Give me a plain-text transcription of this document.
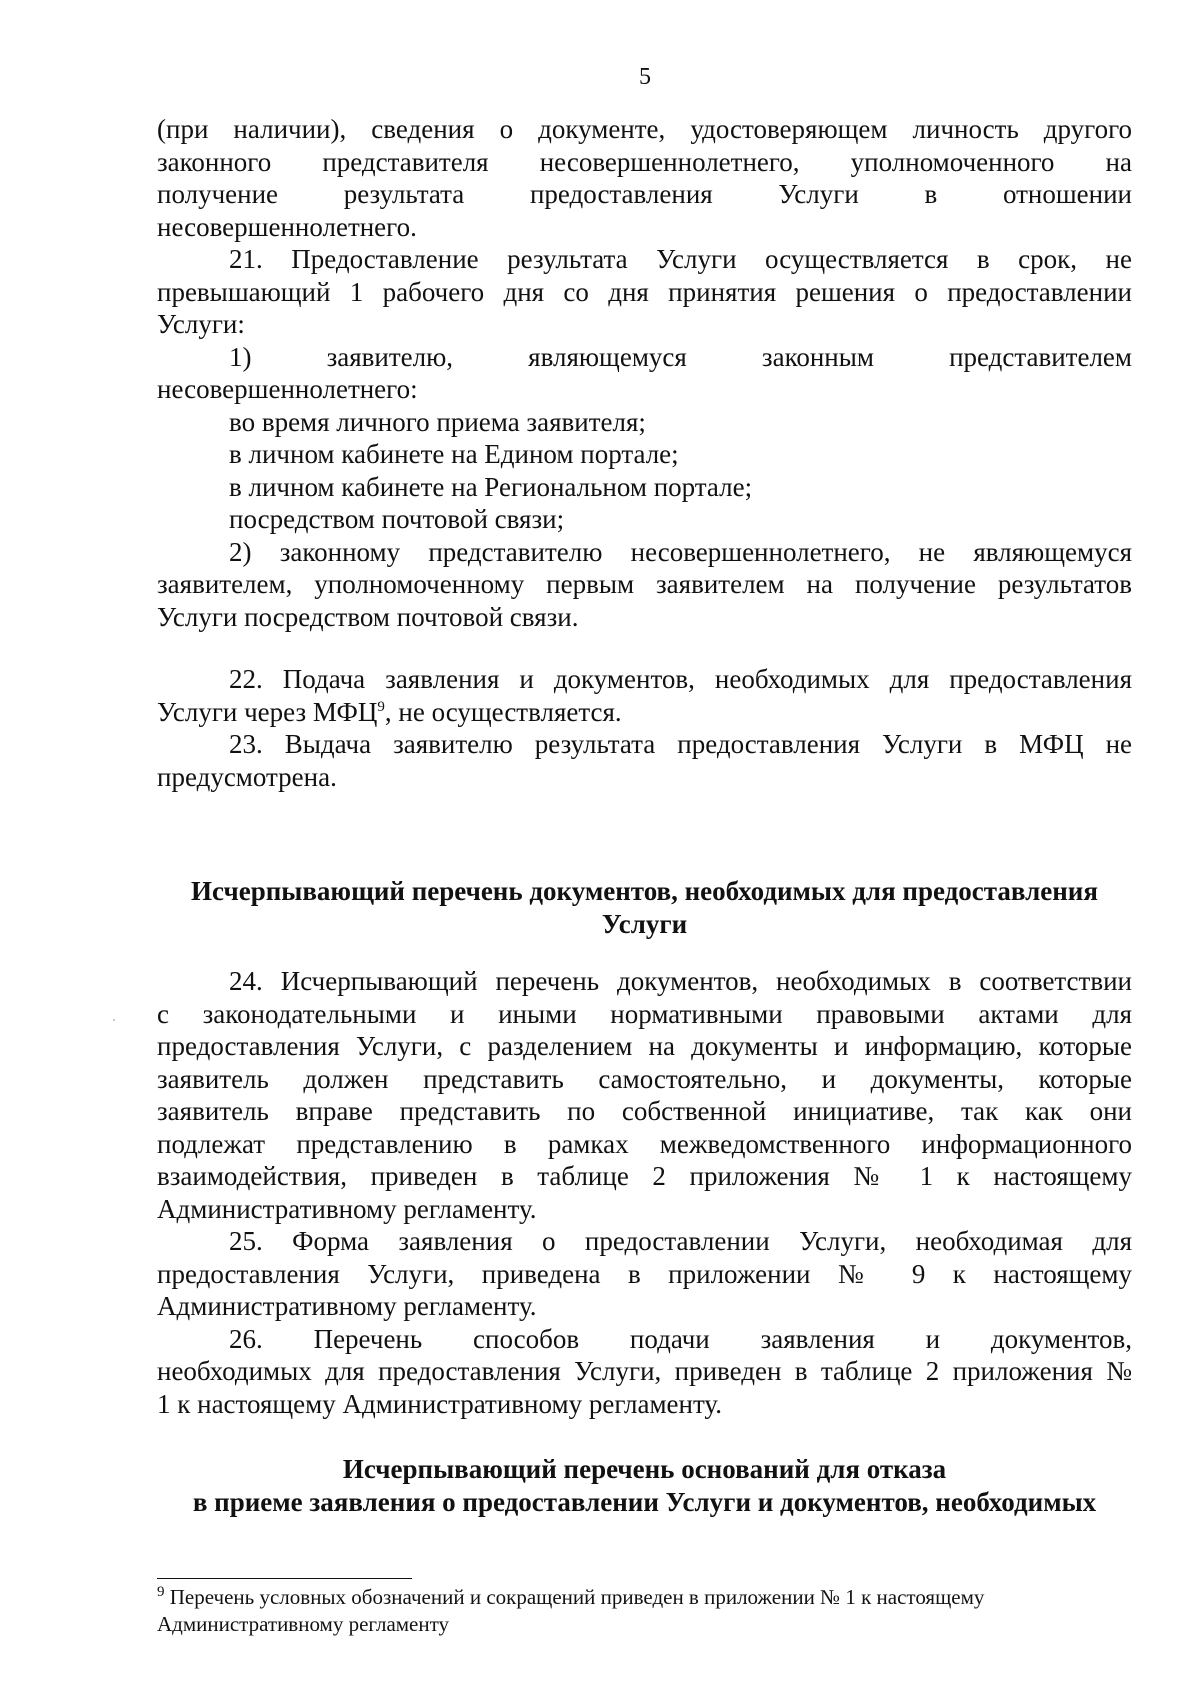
5
(при наличии), сведения о документе, удостоверяющем личность другого
законного представителя несовершеннолетнего, уполномоченного на
получение результата предоставления Услуги в отношении
несовершеннолетнего.
21. Предоставление результата Услуги осуществляется в срок, не
превышающий 1 рабочего дня со дня принятия решения о предоставлении
Услуги:
1) заявителю, являющемуся законным представителем
несовершеннолетнего:
во время личного приема заявителя;
в личном кабинете на Едином портале;
в личном кабинете на Региональном портале;
посредством почтовой связи;
2) законному представителю несовершеннолетнего, не являющемуся
заявителем, уполномоченному первым заявителем на получение результатов
Услуги посредством почтовой связи.
22. Подача заявления и документов, необходимых для предоставления
Услуги через МФЦ$^9$, не осуществляется.
23. Выдача заявителю результата предоставления Услуги в МФЦ не
предусмотрена.
Исчерпывающий перечень документов, необходимых для предоставления
Услуги
24. Исчерпывающий перечень документов, необходимых в соответствии
с законодательными и иными нормативными правовыми актами для
предоставления Услуги, с разделением на документы и информацию, которые
заявитель должен представить самостоятельно, и документы, которые
заявитель вправе представить по собственной инициативе, так как они
подлежат представлению в рамках межведомственного информационного
взаимодействия, приведен в таблице 2 приложения № 1 к настоящему
Административному регламенту.
25. Форма заявления о предоставлении Услуги, необходимая для
предоставления Услуги, приведена в приложении № 9 к настоящему
Административному регламенту.
26. Перечень способов подачи заявления и документов,
необходимых для предоставления Услуги, приведен в таблице 2 приложения №
1 к настоящему Административному регламенту.
Исчерпывающий перечень оснований для отказа
в приеме заявления о предоставлении Услуги и документов, необходимых
$^9$ Перечень условных обозначений и сокращений приведен в приложении № 1 к настоящему
Административному регламенту
